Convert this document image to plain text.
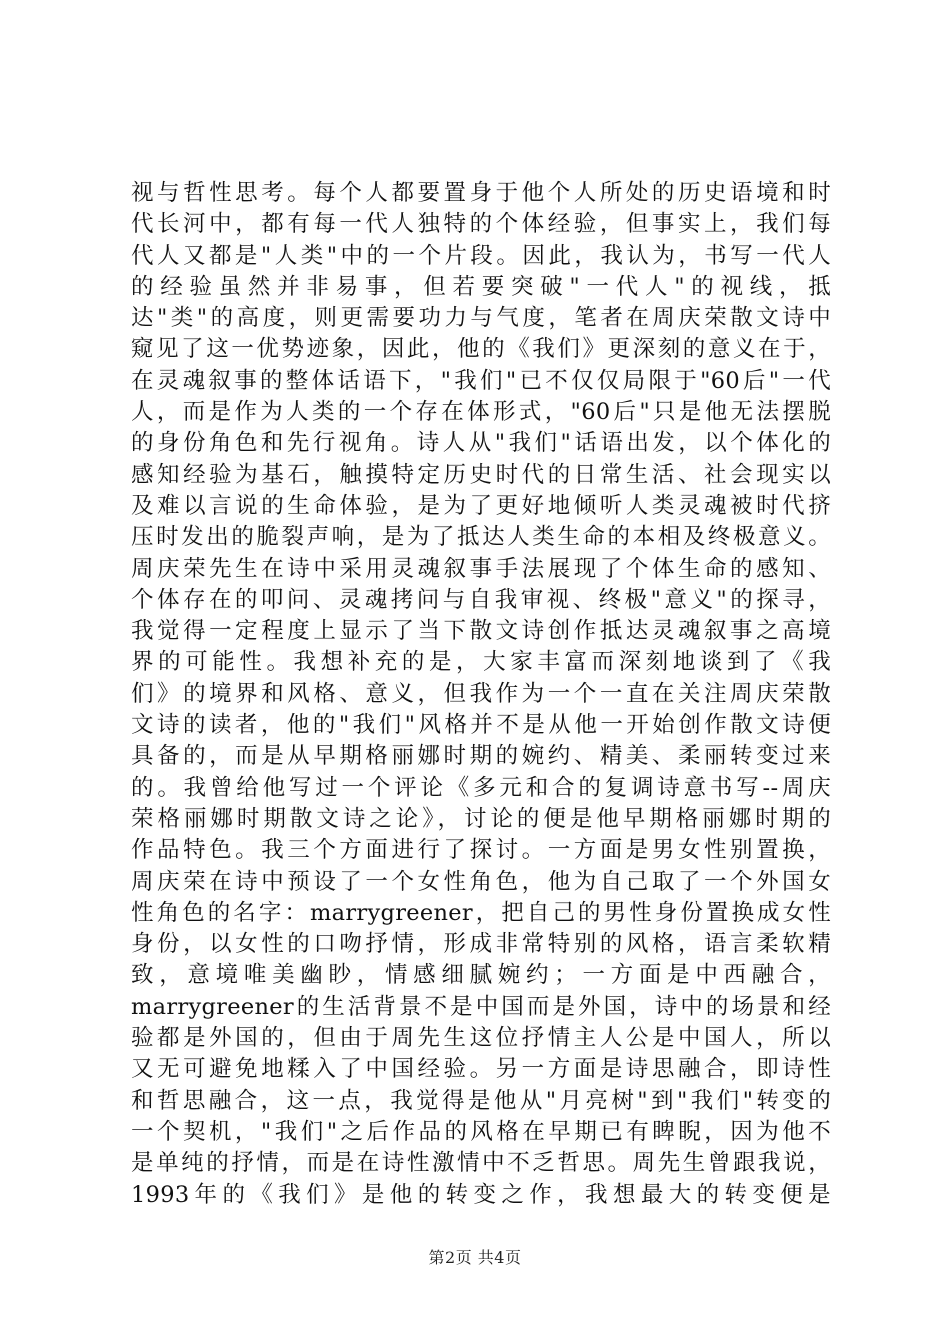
视与哲性思考。每个人都要置身于他个人所处的历史语境和时
代长河中，都有每一代人独特的个体经验，但事实上，我们每
代人又都是"人类"中的一个片段。因此，我认为，书写一代人
的经验虽然并非易事，但若要突破"一代人"的视线，抵
达"类"的高度，则更需要功力与气度，笔者在周庆荣散文诗中
窥见了这一优势迹象，因此，他的《我们》更深刻的意义在于，
在灵魂叙事的整体话语下，"我们"已不仅仅局限于"60后"一代
人，而是作为人类的一个存在体形式，"60后"只是他无法摆脱
的身份角色和先行视角。诗人从"我们"话语出发，以个体化的
感知经验为基石，触摸特定历史时代的日常生活、社会现实以
及难以言说的生命体验，是为了更好地倾听人类灵魂被时代挤
压时发出的脆裂声响，是为了抵达人类生命的本相及终极意义。
周庆荣先生在诗中采用灵魂叙事手法展现了个体生命的感知、
个体存在的叩问、灵魂拷问与自我审视、终极"意义"的探寻，
我觉得一定程度上显示了当下散文诗创作抵达灵魂叙事之高境
界的可能性。我想补充的是，大家丰富而深刻地谈到了《我
们》的境界和风格、意义，但我作为一个一直在关注周庆荣散
文诗的读者，他的"我们"风格并不是从他一开始创作散文诗便
具备的，而是从早期格丽娜时期的婉约、精美、柔丽转变过来
的。我曾给他写过一个评论《多元和合的复调诗意书写--周庆
荣格丽娜时期散文诗之论》，讨论的便是他早期格丽娜时期的
作品特色。我三个方面进行了探讨。一方面是男女性别置换，
周庆荣在诗中预设了一个女性角色，他为自己取了一个外国女
性角色的名字：marrygreener，把自己的男性身份置换成女性
身份，以女性的口吻抒情，形成非常特别的风格，语言柔软精
致，意境唯美幽眇，情感细腻婉约；一方面是中西融合，
marrygreener的生活背景不是中国而是外国，诗中的场景和经
验都是外国的，但由于周先生这位抒情主人公是中国人，所以
又无可避免地糅入了中国经验。另一方面是诗思融合，即诗性
和哲思融合，这一点，我觉得是他从"月亮树"到"我们"转变的
一个契机，"我们"之后作品的风格在早期已有睥睨，因为他不
是单纯的抒情，而是在诗性激情中不乏哲思。周先生曾跟我说，
1993年的《我们》是他的转变之作，我想最大的转变便是
第2页 共4页
